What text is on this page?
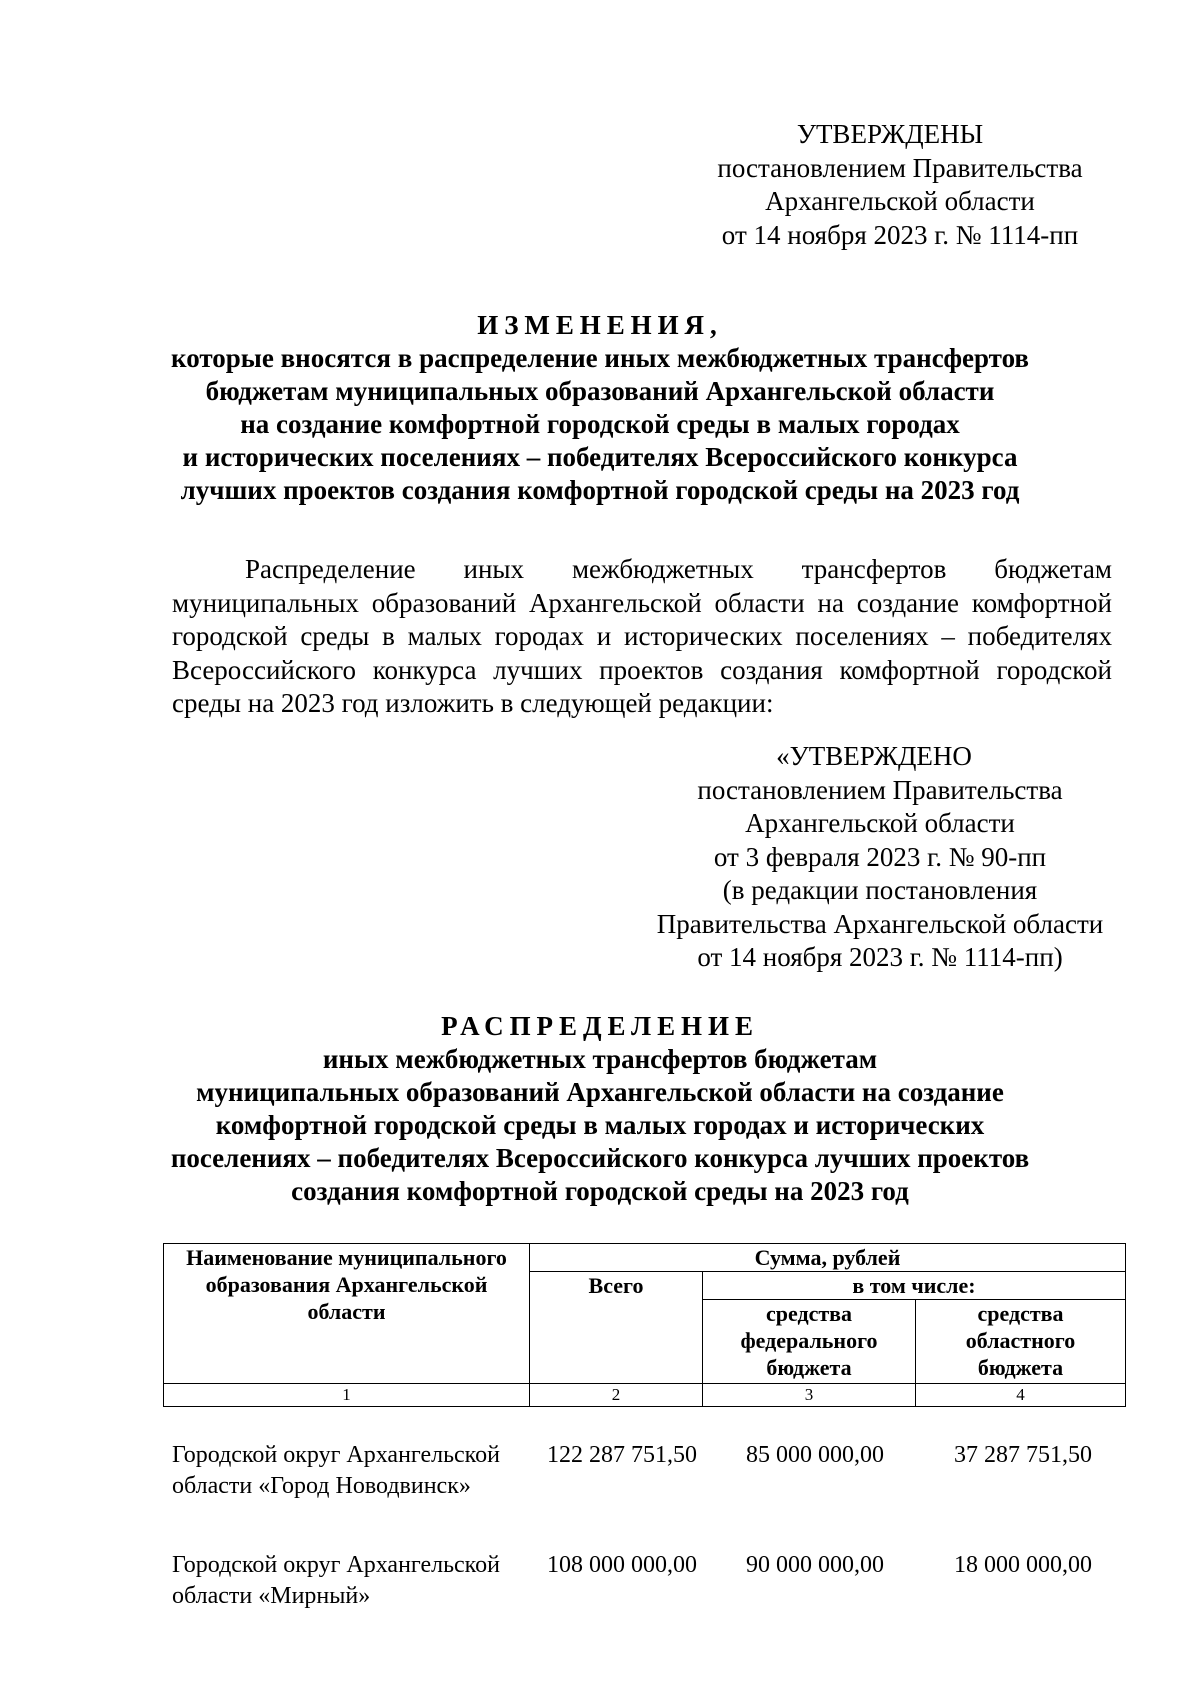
УТВЕРЖДЕНЫ
постановлением Правительства
Архангельской области
от 14 ноября 2023 г. № 1114-пп
ИЗМЕНЕНИЯ,
которые вносятся в распределение иных межбюджетных трансфертов
бюджетам муниципальных образований Архангельской области
на создание комфортной городской среды в малых городах
и исторических поселениях – победителях Всероссийского конкурса
лучших проектов создания комфортной городской среды на 2023 год
Распределение иных межбюджетных трансфертов бюджетам муниципальных образований Архангельской области на создание комфортной городской среды в малых городах и исторических поселениях – победителях Всероссийского конкурса лучших проектов создания комфортной городской среды на 2023 год изложить в следующей редакции:
«УТВЕРЖДЕНО
постановлением Правительства
Архангельской области
от 3 февраля 2023 г. № 90-пп
(в редакции постановления
Правительства Архангельской области
от 14 ноября 2023 г. № 1114-пп)
РАСПРЕДЕЛЕНИЕ
иных межбюджетных трансфертов бюджетам
муниципальных образований Архангельской области на создание
комфортной городской среды в малых городах и исторических
поселениях – победителях Всероссийского конкурса лучших проектов
создания комфортной городской среды на 2023 год
Наименование муниципального образования Архангельской области	Сумма, рублей		
	Всего	в том числе:	
		средства федерального бюджета	средства областного бюджета
1	2	3	4
Городской округ Архангельской
области «Город Новодвинск»
122 287 751,50	85 000 000,00	37 287 751,50
Городской округ Архангельской
области «Мирный»
108 000 000,00	90 000 000,00	18 000 000,00
